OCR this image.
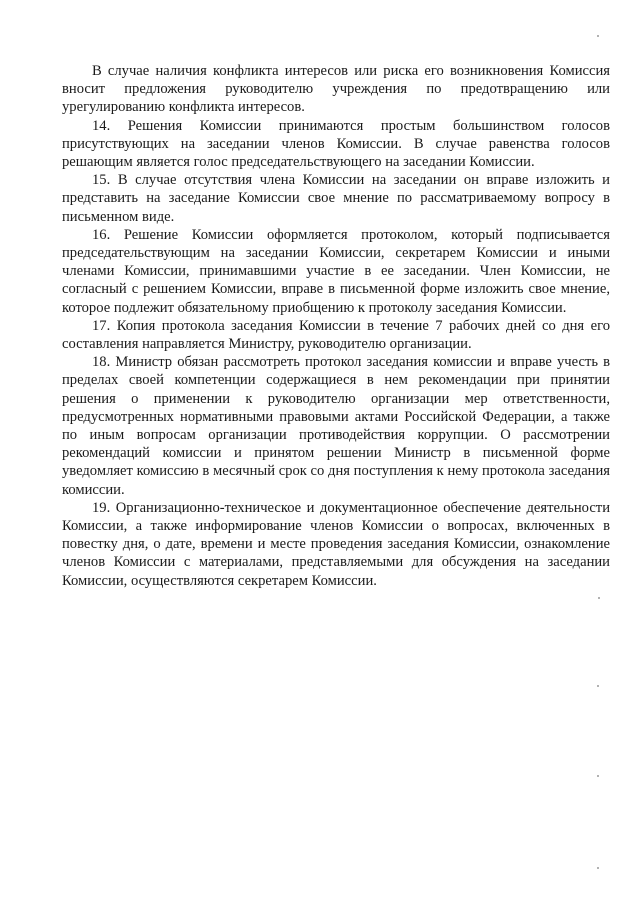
В случае наличия конфликта интересов или риска его возникновения Комиссия вносит предложения руководителю учреждения по предотвращению или урегулированию конфликта интересов.

14. Решения Комиссии принимаются простым большинством голосов присутствующих на заседании членов Комиссии. В случае равенства голосов решающим является голос председательствующего на заседании Комиссии.

15. В случае отсутствия члена Комиссии на заседании он вправе изложить и представить на заседание Комиссии свое мнение по рассматриваемому вопросу в письменном виде.

16. Решение Комиссии оформляется протоколом, который подписывается председательствующим на заседании Комиссии, секретарем Комиссии и иными членами Комиссии, принимавшими участие в ее заседании. Член Комиссии, не согласный с решением Комиссии, вправе в письменной форме изложить свое мнение, которое подлежит обязательному приобщению к протоколу заседания Комиссии.

17. Копия протокола заседания Комиссии в течение 7 рабочих дней со дня его составления направляется Министру, руководителю организации.

18. Министр обязан рассмотреть протокол заседания комиссии и вправе учесть в пределах своей компетенции содержащиеся в нем рекомендации при принятии решения о применении к руководителю организации мер ответственности, предусмотренных нормативными правовыми актами Российской Федерации, а также по иным вопросам организации противодействия коррупции. О рассмотрении рекомендаций комиссии и принятом решении Министр в письменной форме уведомляет комиссию в месячный срок со дня поступления к нему протокола заседания комиссии.

19. Организационно-техническое и документационное обеспечение деятельности Комиссии, а также информирование членов Комиссии о вопросах, включенных в повестку дня, о дате, времени и месте проведения заседания Комиссии, ознакомление членов Комиссии с материалами, представляемыми для обсуждения на заседании Комиссии, осуществляются секретарем Комиссии.
